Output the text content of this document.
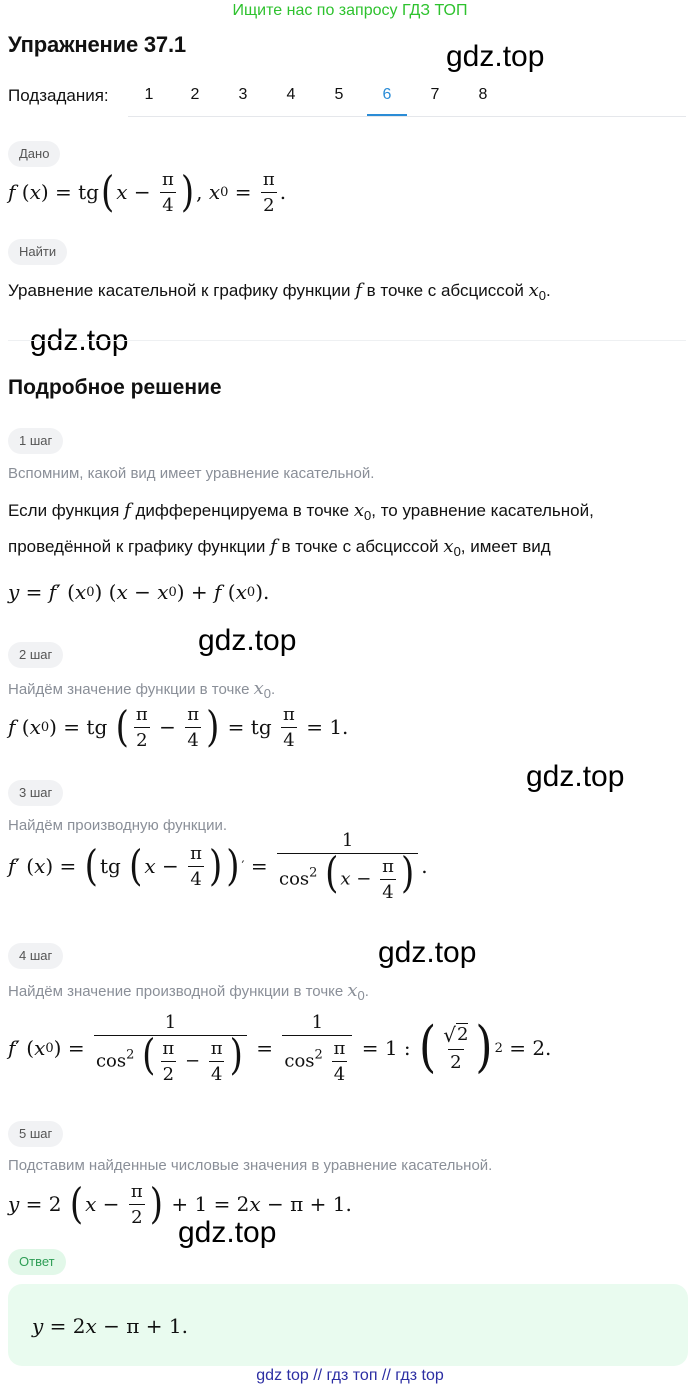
Ищите нас по запросу ГДЗ ТОП
Упражнение 37.1	gdz.top
Подзадания:	1	2	3	4	5	6	7	8
Дано
f ( x ) = tg ( $x - \frac{\pi}{4}$ ) , x $0 = \frac{\pi}{2}$ .
Найти
Уравнение касательной к графику функции f в точке с абсциссой $x_0$.
gdz.top
Подробное решение
1 шаг
Вспомним, какой вид имеет уравнение касательной.
Если функция f дифференцируема в точке $x_0$, то уравнение касательной,
проведённой к графику функции f в точке с абсциссой $x_0$, имеет вид
y = f ′ ( x 0 ) ( x − x 0 ) + f ( x 0 ).
gdz.top
2 шаг
Найдём значение функции в точке x0.
f ( x 0 ) = tg ( $\frac{\pi}{2} - \frac{\pi}{4}$ ) = tg $\frac{\pi}{4} = 1$.
gdz.top
3 шаг
Найдём производную функции.
f ′ ( x ) = ( tg ( $x - \frac{\pi}{4}$ ) ) ′ = $\frac{1}{\cos^2 ( x - \frac{\pi}{4} )}$ .
gdz.top
4 шаг
Найдём значение производной функции в точке x0.
f ′ ( x 0 ) = $\frac{1}{\cos^2 ( \frac{\pi}{2} - \frac{\pi}{4} )} = \frac{1}{\cos^2 \frac{\pi}{4}} = 1$ : ( $\frac{√ 2}{2}$ ) 2 = 2.
5 шаг
Подставим найденные числовые значения в уравнение касательной.
y = 2 ( $x - \frac{\pi}{2}$ ) + 1 = 2 x − π + 1.
gdz.top
Ответ
y = 2 x − π + 1.
gdz top // гдз топ // гдз top
